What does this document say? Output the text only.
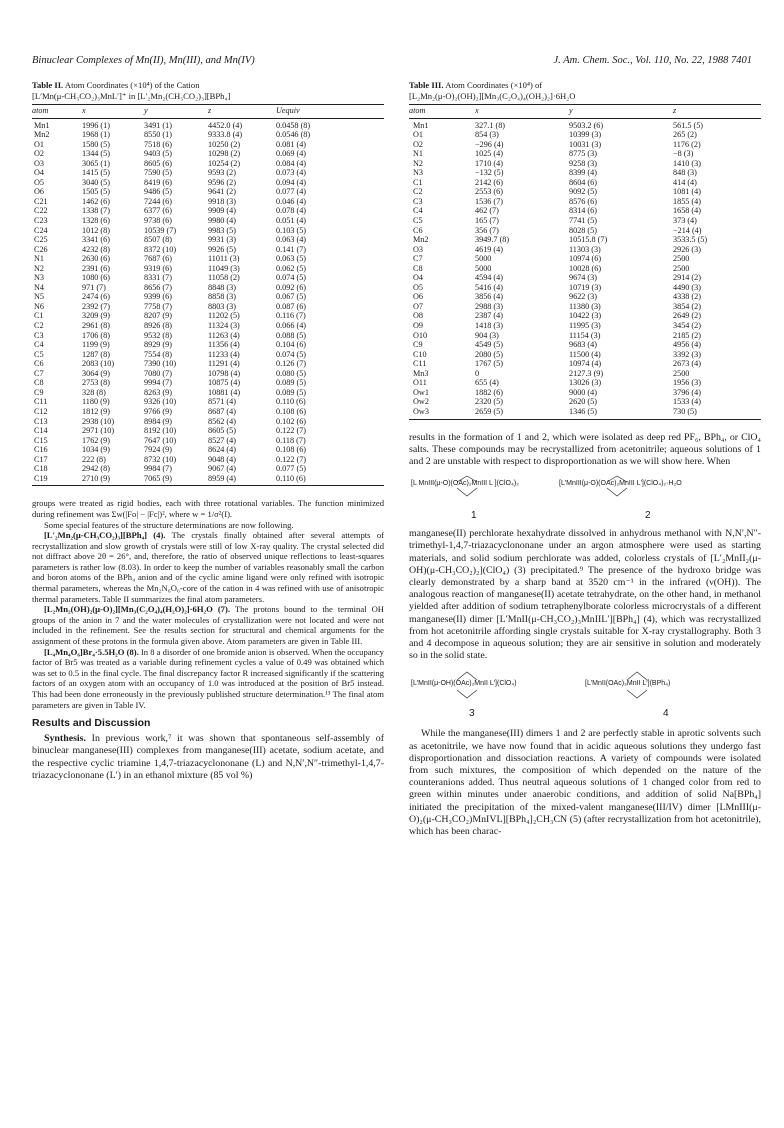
Binuclear Complexes of Mn(II), Mn(III), and Mn(IV)	J. Am. Chem. Soc., Vol. 110, No. 22, 1988 7401
Table II. Atom Coordinates (×10⁴) of the Cation
[L′Mn(μ-CH₃CO₂)₃MnL′]⁺ in [L′₂Mn₂(CH₃CO₂)₃][BPh₄]
atom	x	y	z	Uequiv
Mn1	1996 (1)	3491 (1)	4452.0 (4)	0.0458 (8)
Mn2	1968 (1)	8550 (1)	9333.8 (4)	0.0546 (8)
O1	1580 (5)	7518 (6)	10250 (2)	0.081 (4)
O2	1344 (5)	9403 (5)	10298 (2)	0.069 (4)
O3	3065 (1)	8605 (6)	10254 (2)	0.084 (4)
O4	1415 (5)	7590 (5)	9593 (2)	0.073 (4)
O5	3040 (5)	8419 (6)	9596 (2)	0.094 (4)
O6	1505 (5)	9486 (5)	9641 (2)	0.077 (4)
C21	1462 (6)	7244 (6)	9918 (3)	0.046 (4)
C22	1338 (7)	6377 (6)	9909 (4)	0.078 (4)
C23	1328 (6)	9738 (6)	9980 (4)	0.051 (4)
C24	1012 (8)	10539 (7)	9983 (5)	0.103 (5)
C25	3341 (6)	8507 (8)	9931 (3)	0.063 (4)
C26	4232 (8)	8372 (10)	9926 (5)	0.141 (7)
N1	2630 (6)	7687 (6)	11011 (3)	0.063 (5)
N2	2391 (6)	9319 (6)	11049 (3)	0.062 (5)
N3	1080 (6)	8331 (7)	11058 (2)	0.074 (5)
N4	971 (7)	8656 (7)	8848 (3)	0.092 (6)
N5	2474 (6)	9399 (6)	8858 (3)	0.067 (5)
N6	2392 (7)	7758 (7)	8803 (3)	0.087 (6)
C1	3209 (9)	8207 (9)	11202 (5)	0.116 (7)
C2	2961 (8)	8926 (8)	11324 (3)	0.066 (4)
C3	1706 (8)	9532 (8)	11263 (4)	0.088 (5)
C4	1199 (9)	8929 (9)	11356 (4)	0.104 (6)
C5	1287 (8)	7554 (8)	11233 (4)	0.074 (5)
C6	2083 (10)	7390 (10)	11291 (4)	0.126 (7)
C7	3064 (9)	7080 (7)	10798 (4)	0.080 (5)
C8	2753 (8)	9994 (7)	10875 (4)	0.089 (5)
C9	328 (8)	8263 (9)	10881 (4)	0.089 (5)
C11	1180 (9)	9326 (10)	8571 (4)	0.110 (6)
C12	1812 (9)	9766 (9)	8687 (4)	0.108 (6)
C13	2938 (10)	8984 (9)	8562 (4)	0.102 (6)
C14	2971 (10)	8192 (10)	8605 (5)	0.122 (7)
C15	1762 (9)	7647 (10)	8527 (4)	0.118 (7)
C16	1034 (9)	7924 (9)	8624 (4)	0.108 (6)
C17	222 (8)	8732 (10)	9048 (4)	0.122 (7)
C18	2942 (8)	9984 (7)	9067 (4)	0.077 (5)
C19	2710 (9)	7065 (9)	8959 (4)	0.110 (6)

groups were treated as rigid bodies, each with three rotational variables. The function minimized during refinement was Σw(|Fo| − |Fc|)², where w = 1/σ²(I).

Some special features of the structure determinations are now following.

[L′₂Mn₂(μ-CH₃CO₂)₃][BPh₄] (4). The crystals finally obtained after several attempts of recrystallization and slow growth of crystals were still of low X-ray quality. The crystal selected did not diffract above 2θ = 26°, and, therefore, the ratio of observed unique reflections to least-squares parameters is rather low (8.03). In order to keep the number of variables reasonably small the carbon and boron atoms of the BPh₄ anion and of the cyclic amine ligand were only refined with isotropic thermal parameters, whereas the Mn₂N₆O₆-core of the cation in 4 was refined with use of anisotropic thermal parameters. Table II summarizes the final atom parameters.

[L₂Mn₂(OH)₂(μ-O)₂][Mn₃(C₂O₄)₄(H₂O)₂]·6H₂O (7). The protons bound to the terminal OH groups of the anion in 7 and the water molecules of crystallization were not located and were not included in the refinement. See the results section for structural and chemical arguments for the assignment of these protons in the formula given above. Atom parameters are given in Table III.

[L₄Mn₄O₆]Br₄·5.5H₂O (8). In 8 a disorder of one bromide anion is observed. When the occupancy factor of Br5 was treated as a variable during refinement cycles a value of 0.49 was obtained which was set to 0.5 in the final cycle. The final discrepancy factor R increased significantly if the scattering factors of an oxygen atom with an occupancy of 1.0 was introduced at the position of Br5 instead. This had been done erroneously in the previously published structure determination.¹³ The final atom parameters are given in Table IV.

Results and Discussion

Synthesis. In previous work,⁷ it was shown that spontaneous self-assembly of binuclear manganese(III) complexes from manganese(III) acetate, sodium acetate, and the respective cyclic triamine 1,4,7-triazacyclononane (L) and N,N′,N″-trimethyl-1,4,7-triazacyclononane (L′) in an ethanol mixture (85 vol %)

Table III. Atom Coordinates (×10⁴) of
[L₂Mn₂(μ-O)₂(OH)₂][Mn₃(C₂O₄)₄(OH₂)₂]·6H₂O
atom	x	y	z
Mn1	327.1 (8)	9503.2 (6)	561.5 (5)
O1	854 (3)	10399 (3)	265 (2)
O2	−296 (4)	10031 (3)	1176 (2)
N1	1025 (4)	8775 (3)	−8 (3)
N2	1710 (4)	9258 (3)	1410 (3)
N3	−132 (5)	8399 (4)	848 (3)
C1	2142 (6)	8604 (6)	414 (4)
C2	2553 (6)	9092 (5)	1081 (4)
C3	1536 (7)	8576 (6)	1855 (4)
C4	462 (7)	8314 (6)	1658 (4)
C5	165 (7)	7741 (5)	373 (4)
C6	356 (7)	8028 (5)	−214 (4)
Mn2	3949.7 (8)	10515.8 (7)	3533.5 (5)
O3	4619 (4)	11303 (3)	2926 (3)
C7	5000	10974 (6)	2500
C8	5000	10028 (6)	2500
O4	4594 (4)	9674 (3)	2914 (2)
O5	5416 (4)	10719 (3)	4490 (3)
O6	3856 (4)	9622 (3)	4338 (2)
O7	2988 (3)	11380 (3)	3854 (2)
O8	2387 (4)	10422 (3)	2649 (2)
O9	1418 (3)	11995 (3)	3454 (2)
O10	904 (3)	11154 (3)	2185 (2)
C9	4549 (5)	9683 (4)	4956 (4)
C10	2080 (5)	11500 (4)	3392 (3)
C11	1767 (5)	10974 (4)	2673 (4)
Mn3	0	2127.3 (9)	2500
O11	655 (4)	13026 (3)	1956 (3)
Ow1	1882 (6)	9000 (4)	3796 (4)
Ow2	2320 (5)	2620 (5)	1533 (4)
Ow3	2659 (5)	1346 (5)	730 (5)

results in the formation of 1 and 2, which were isolated as deep red PF₆, BPh₄, or ClO₄ salts. These compounds may be recrystallized from acetonitrile; aqueous solutions of 1 and 2 are unstable with respect to disproportionation as we will show here. When

[L MnIII(μ-O)(OAc)₂MnIII L ](ClO₄)₂	[L′MnIII(μ-O)(OAc)₂MnIII L′](ClO₄)₂·H₂O
1	2

manganese(II) perchlorate hexahydrate dissolved in anhydrous methanol with N,N′,N″-trimethyl-1,4,7-triazacyclononane under an argon atmosphere were used as starting materials, and solid sodium perchlorate was added, colorless crystals of [L′₂MnII₂(μ-OH)(μ-CH₃CO₂)₂](ClO₄) (3) precipitated.⁹ The presence of the hydroxo bridge was clearly demonstrated by a sharp band at 3520 cm⁻¹ in the infrared (ν(OH)). The analogous reaction of manganese(II) acetate tetrahydrate, on the other hand, in methanol yielded after addition of sodium tetraphenylborate colorless microcrystals of a different manganese(II) dimer [L′MnII(μ-CH₃CO₂)₃MnIIL′][BPh₄] (4), which was recrystallized from hot acetonitrile affording single crystals suitable for X-ray crystallography. Both 3 and 4 decompose in aqueous solution; they are air sensitive in solution and moderately so in the solid state.

[L′MnII(μ-OH)(OAc)₂MnII L′](ClO₄)	[L′MnII(OAc)₃MnII L′](BPh₄)
3	4

While the manganese(III) dimers 1 and 2 are perfectly stable in aprotic solvents such as acetonitrile, we have now found that in acidic aqueous solutions they undergo fast disproportionation and dissociation reactions. A variety of compounds were isolated from such mixtures, the composition of which depended on the nature of the counteranions added. Thus neutral aqueous solutions of 1 changed color from red to green within minutes under anaerobic conditions, and addition of solid Na[BPh₄] initiated the precipitation of the mixed-valent manganese(III/IV) dimer [LMnIII(μ-O)₂(μ-CH₃CO₂)MnIVL][BPh₄]₂CH₃CN (5) (after recrystallization from hot acetonitrile), which has been charac-
